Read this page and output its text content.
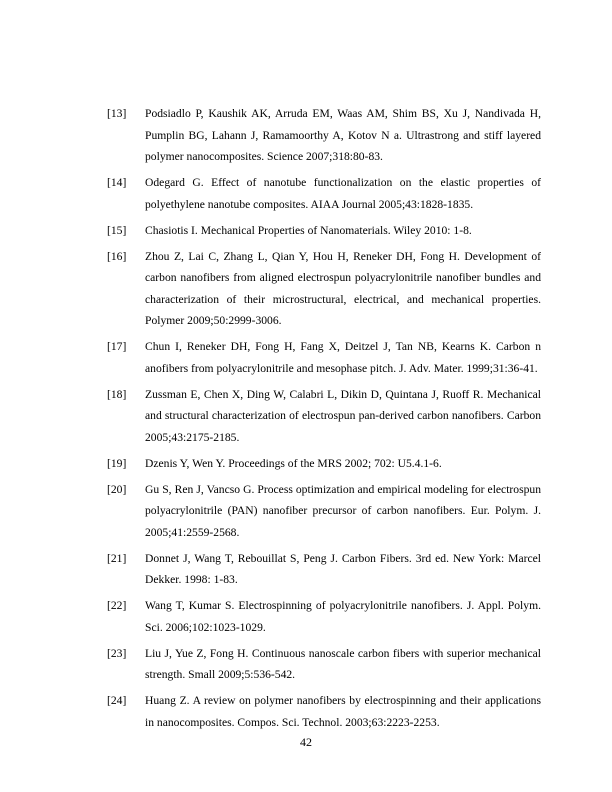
[13] Podsiadlo P, Kaushik AK, Arruda EM, Waas AM, Shim BS, Xu J, Nandivada H, Pumplin BG, Lahann J, Ramamoorthy A, Kotov N a. Ultrastrong and stiff layered polymer nanocomposites. Science 2007;318:80-83.
[14] Odegard G. Effect of nanotube functionalization on the elastic properties of polyethylene nanotube composites. AIAA Journal 2005;43:1828-1835.
[15] Chasiotis I. Mechanical Properties of Nanomaterials. Wiley 2010: 1-8.
[16] Zhou Z, Lai C, Zhang L, Qian Y, Hou H, Reneker DH, Fong H. Development of carbon nanofibers from aligned electrospun polyacrylonitrile nanofiber bundles and characterization of their microstructural, electrical, and mechanical properties. Polymer 2009;50:2999-3006.
[17] Chun I, Reneker DH, Fong H, Fang X, Deitzel J, Tan NB, Kearns K. Carbon n anofibers from polyacrylonitrile and mesophase pitch. J. Adv. Mater. 1999;31:36-41.
[18] Zussman E, Chen X, Ding W, Calabri L, Dikin D, Quintana J, Ruoff R. Mechanical and structural characterization of electrospun pan-derived carbon nanofibers. Carbon 2005;43:2175-2185.
[19] Dzenis Y, Wen Y. Proceedings of the MRS 2002; 702: U5.4.1-6.
[20] Gu S, Ren J, Vancso G. Process optimization and empirical modeling for electrospun polyacrylonitrile (PAN) nanofiber precursor of carbon nanofibers. Eur. Polym. J. 2005;41:2559-2568.
[21] Donnet J, Wang T, Rebouillat S, Peng J. Carbon Fibers. 3rd ed. New York: Marcel Dekker. 1998: 1-83.
[22] Wang T, Kumar S. Electrospinning of polyacrylonitrile nanofibers. J. Appl. Polym. Sci. 2006;102:1023-1029.
[23] Liu J, Yue Z, Fong H. Continuous nanoscale carbon fibers with superior mechanical strength. Small 2009;5:536-542.
[24] Huang Z. A review on polymer nanofibers by electrospinning and their applications in nanocomposites. Compos. Sci. Technol. 2003;63:2223-2253.
42
